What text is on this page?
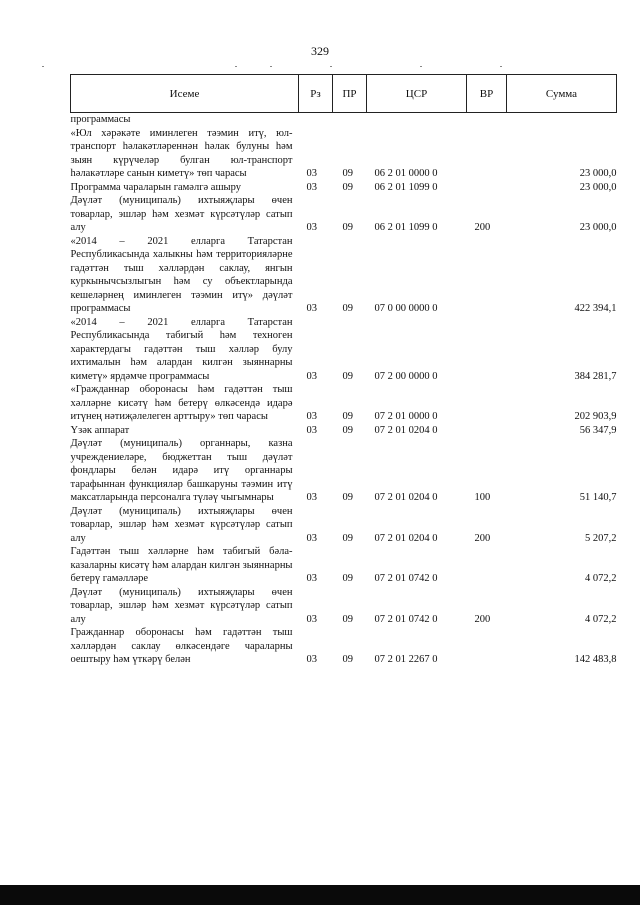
329
Исеме	Рз	ПР	ЦСР	ВР	Сумма
программасы					
«Юл хәрәкәте иминлеген тәэмин итү, юл-транспорт һәлакәтләреннән һәлак булуны һәм зыян күрүчеләр булган юл-транспорт һәлакәтләре санын киметү» төп чарасы	03	09	06 2 01 0000 0		23 000,0
Программа чараларын гамәлгә ашыру	03	09	06 2 01 1099 0		23 000,0
Дәүләт (муниципаль) ихтыяҗлары өчен товарлар, эшләр һәм хезмәт күрсәтүләр сатып алу	03	09	06 2 01 1099 0	200	23 000,0
«2014 – 2021 елларга Татарстан Республикасында халыкны һәм территорияләрне гадәттән тыш хәлләрдән саклау, янгын куркынычсызлыгын һәм су объектларында кешеләрнең иминлеген тәэмин итү» дәүләт программасы	03	09	07 0 00 0000 0		422 394,1
«2014 – 2021 елларга Татарстан Республикасында табигый һәм техноген характердагы гадәттән тыш хәлләр булу ихтималын һәм алардан килгән зыяннарны киметү» ярдәмче программасы	03	09	07 2 00 0000 0		384 281,7
«Гражданнар оборонасы һәм гадәттән тыш хәлләрне кисәтү һәм бетерү өлкәсендә идарә итүнең нәтиҗәлелеген арттыру» төп чарасы	03	09	07 2 01 0000 0		202 903,9
Үзәк аппарат	03	09	07 2 01 0204 0		56 347,9
Дәүләт (муниципаль) органнары, казна учреждениеләре, бюджеттан тыш дәүләт фондлары белән идарә итү органнары тарафыннан функцияләр башкаруны тәэмин итү максатларында персоналга түләү чыгымнары	03	09	07 2 01 0204 0	100	51 140,7
Дәүләт (муниципаль) ихтыяҗлары өчен товарлар, эшләр һәм хезмәт күрсәтүләр сатып алу	03	09	07 2 01 0204 0	200	5 207,2
Гадәттән тыш хәлләрне һәм табигый бәла-казаларны кисәтү һәм алардан килгән зыяннарны бетерү гамәлләре	03	09	07 2 01 0742 0		4 072,2
Дәүләт (муниципаль) ихтыяҗлары өчен товарлар, эшләр һәм хезмәт күрсәтүләр сатып алу	03	09	07 2 01 0742 0	200	4 072,2
Гражданнар оборонасы һәм гадәттән тыш хәлләрдән саклау өлкәсендәге чараларны оештыру һәм үткәрү белән	03	09	07 2 01 2267 0		142 483,8
